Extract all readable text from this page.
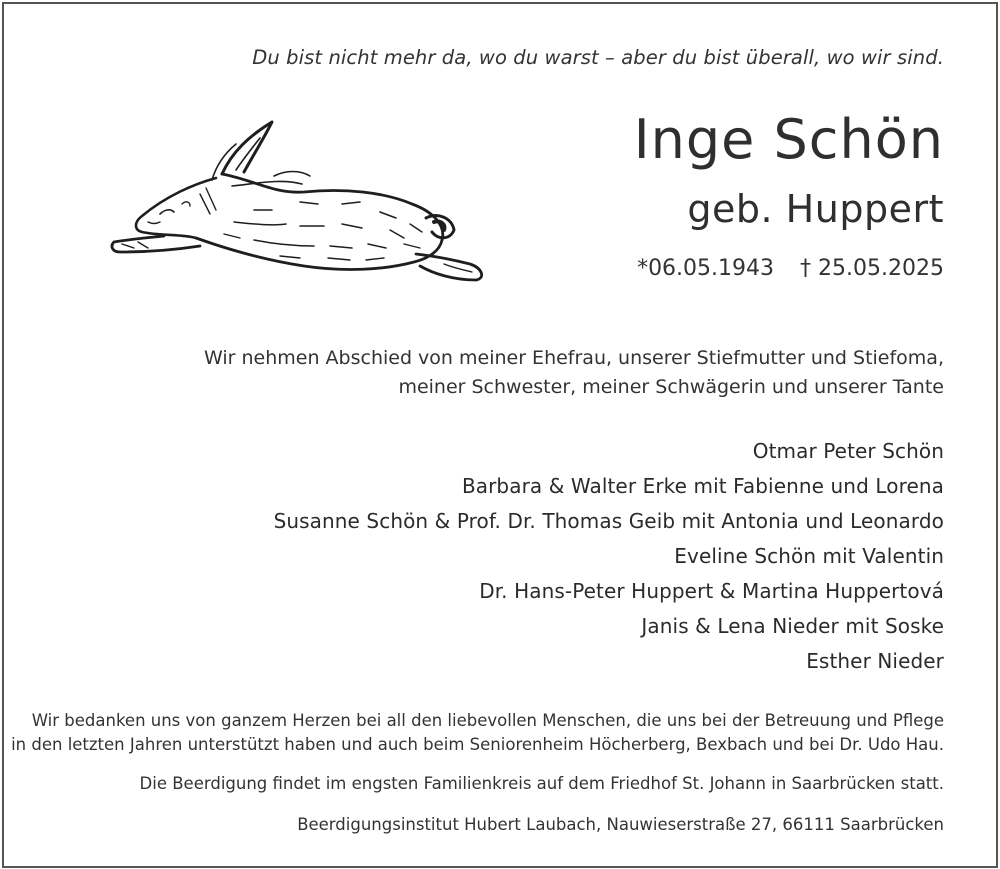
Du bist nicht mehr da, wo du warst – aber du bist überall, wo wir sind.
Inge Schön
geb. Huppert
*06.05.1943 † 25.05.2025
Wir nehmen Abschied von meiner Ehefrau, unserer Stiefmutter und Stiefoma,
meiner Schwester, meiner Schwägerin und unserer Tante
Otmar Peter Schön
Barbara & Walter Erke mit Fabienne und Lorena
Susanne Schön & Prof. Dr. Thomas Geib mit Antonia und Leonardo
Eveline Schön mit Valentin
Dr. Hans-Peter Huppert & Martina Huppertová
Janis & Lena Nieder mit Soske
Esther Nieder
Wir bedanken uns von ganzem Herzen bei all den liebevollen Menschen, die uns bei der Betreuung und Pflege
in den letzten Jahren unterstützt haben und auch beim Seniorenheim Höcherberg, Bexbach und bei Dr. Udo Hau.
Die Beerdigung findet im engsten Familienkreis auf dem Friedhof St. Johann in Saarbrücken statt.
Beerdigungsinstitut Hubert Laubach, Nauwieserstraße 27, 66111 Saarbrücken
